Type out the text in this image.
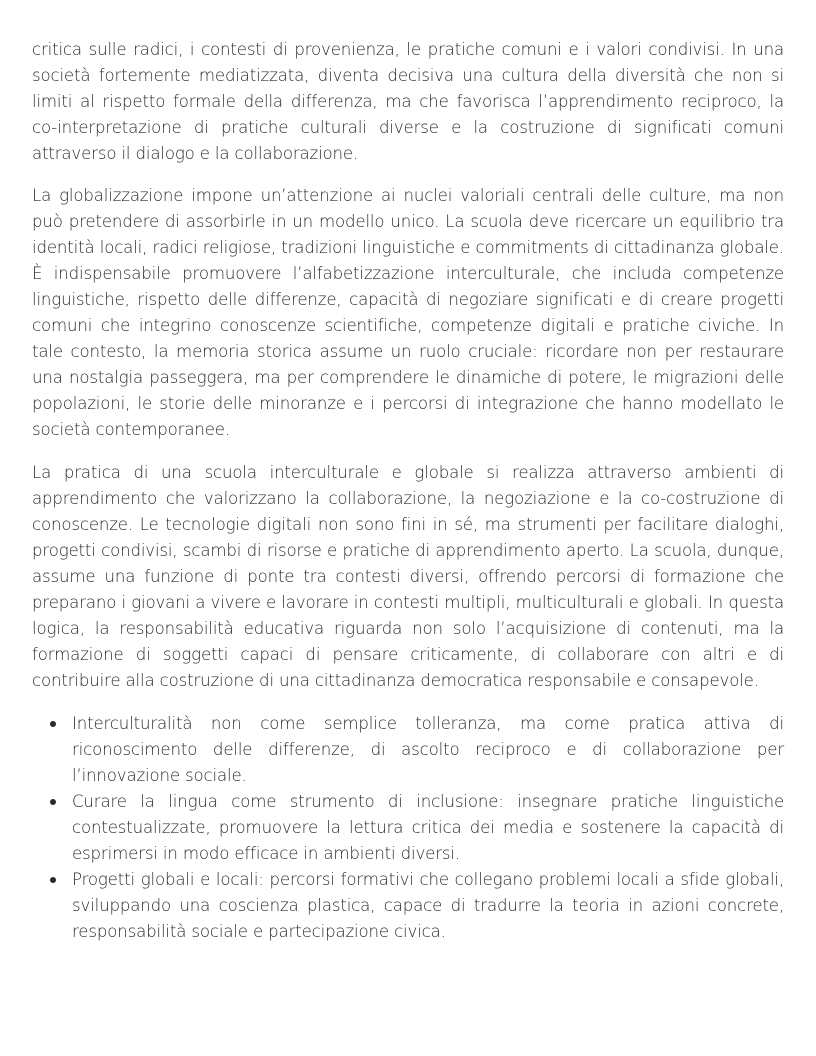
critica sulle radici, i contesti di provenienza, le pratiche comuni e i valori condivisi. In una società fortemente mediatizzata, diventa decisiva una cultura della diversità che non si limiti al rispetto formale della differenza, ma che favorisca l’apprendimento reciproco, la co-interpretazione di pratiche culturali diverse e la costruzione di significati comuni attraverso il dialogo e la collaborazione.

La globalizzazione impone un’attenzione ai nuclei valoriali centrali delle culture, ma non può pretendere di assorbirle in un modello unico. La scuola deve ricercare un equilibrio tra identità locali, radici religiose, tradizioni linguistiche e commitments di cittadinanza globale. È indispensabile promuovere l’alfabetizzazione interculturale, che includa competenze linguistiche, rispetto delle differenze, capacità di negoziare significati e di creare progetti comuni che integrino conoscenze scientifiche, competenze digitali e pratiche civiche. In tale contesto, la memoria storica assume un ruolo cruciale: ricordare non per restaurare una nostalgia passeggera, ma per comprendere le dinamiche di potere, le migrazioni delle popolazioni, le storie delle minoranze e i percorsi di integrazione che hanno modellato le società contemporanee.

La pratica di una scuola interculturale e globale si realizza attraverso ambienti di apprendimento che valorizzano la collaborazione, la negoziazione e la co-costruzione di conoscenze. Le tecnologie digitali non sono fini in sé, ma strumenti per facilitare dialoghi, progetti condivisi, scambi di risorse e pratiche di apprendimento aperto. La scuola, dunque, assume una funzione di ponte tra contesti diversi, offrendo percorsi di formazione che preparano i giovani a vivere e lavorare in contesti multipli, multiculturali e globali. In questa logica, la responsabilità educativa riguarda non solo l’acquisizione di contenuti, ma la formazione di soggetti capaci di pensare criticamente, di collaborare con altri e di contribuire alla costruzione di una cittadinanza democratica responsabile e consapevole.

Interculturalità non come semplice tolleranza, ma come pratica attiva di riconoscimento delle differenze, di ascolto reciproco e di collaborazione per l’innovazione sociale.
Curare la lingua come strumento di inclusione: insegnare pratiche linguistiche contestualizzate, promuovere la lettura critica dei media e sostenere la capacità di esprimersi in modo efficace in ambienti diversi.
Progetti globali e locali: percorsi formativi che collegano problemi locali a sfide globali, sviluppando una coscienza plastica, capace di tradurre la teoria in azioni concrete, responsabilità sociale e partecipazione civica.
